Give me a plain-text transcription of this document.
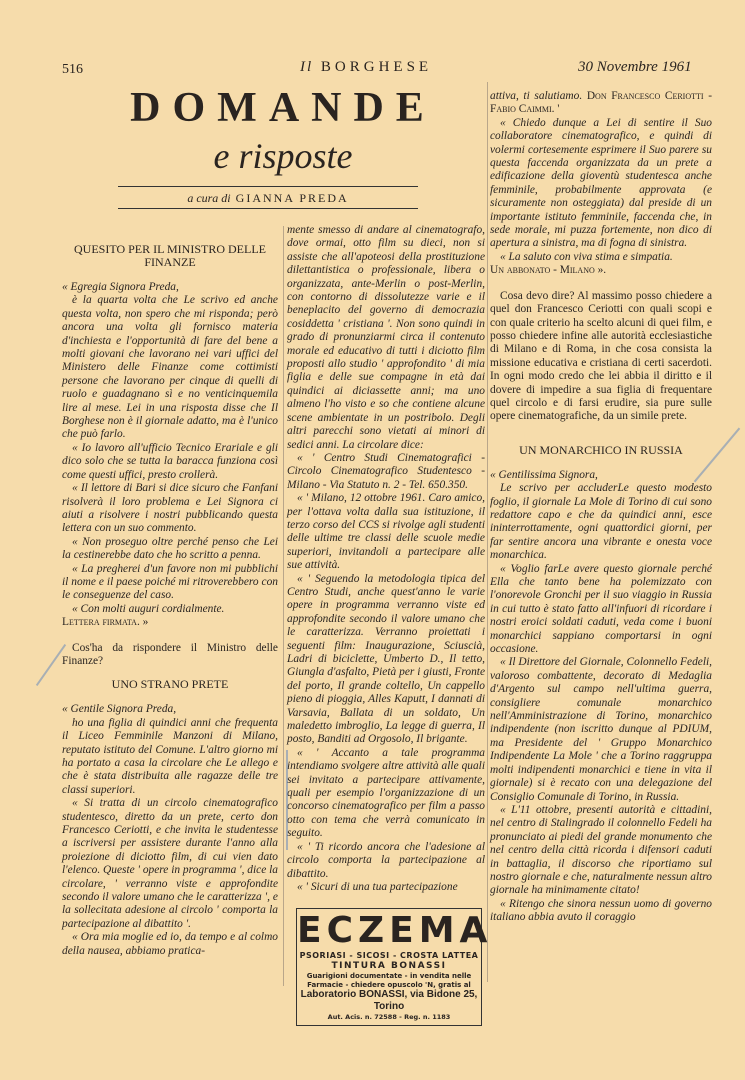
516	Il BORGHESE	30 Novembre 1961
DOMANDE
e risposte
a cura di GIANNA PREDA
QUESITO PER IL MINISTRO DELLE FINANZE

« Egregia Signora Preda,

è la quarta volta che Le scrivo ed anche questa volta, non spero che mi risponda; però ancora una volta gli fornisco materia d'inchiesta e l'opportunità di fare del bene a molti giovani che lavorano nei vari uffici del Ministero delle Finanze come cottimisti persone che lavorano per cinque di quelli di ruolo e guadagnano sì e no venticinquemila lire al mese. Lei in una risposta disse che Il Borghese non è il giornale adatto, ma è l'unico che può farlo.

« Io lavoro all'ufficio Tecnico Erariale e gli dico solo che se tutta la baracca funziona così come questi uffici, presto crollerà.

« Il lettore di Bari si dice sicuro che Fanfani risolverà il loro problema e Lei Signora ci aiuti a risolvere i nostri pubblicando questa lettera con un suo commento.

« Non proseguo oltre perché penso che Lei la cestinerebbe dato che ho scritto a penna.

« La pregherei d'un favore non mi pubblichi il nome e il paese poiché mi ritroverebbero con le conseguenze del caso.

« Con molti auguri cordialmente.

Lettera firmata. »

Cos'ha da rispondere il Ministro delle Finanze?

UNO STRANO PRETE

« Gentile Signora Preda,

ho una figlia di quindici anni che frequenta il Liceo Femminile Manzoni di Milano, reputato istituto del Comune. L'altro giorno mi ha portato a casa la circolare che Le allego e che è stata distribuita alle ragazze delle tre classi superiori.

« Si tratta di un circolo cinematografico studentesco, diretto da un prete, certo don Francesco Ceriotti, e che invita le studentesse a iscriversi per assistere durante l'anno alla proiezione di diciotto film, di cui vien dato l'elenco. Queste ' opere in programma ', dice la circolare, ' verranno viste e approfondite secondo il valore umano che le caratterizza ', e la sollecitata adesione al circolo ' comporta la partecipazione al dibattito '.

« Ora mia moglie ed io, da tempo e al colmo della nausea, abbiamo pratica-

mente smesso di andare al cinematografo, dove ormai, otto film su dieci, non si assiste che all'apoteosi della prostituzione dilettantistica o professionale, libera o organizzata, ante-Merlin o post-Merlin, con contorno di dissolutezze varie e il beneplacito del governo di democrazia cosiddetta ' cristiana '. Non sono quindi in grado di pronunziarmi circa il contenuto morale ed educativo di tutti i diciotto film proposti allo studio ' approfondito ' di mia figlia e delle sue compagne in età dai quindici ai diciassette anni; ma uno almeno l'ho visto e so che contiene alcune scene ambientate in un postribolo. Degli altri parecchi sono vietati ai minori di sedici anni. La circolare dice:

« ' Centro Studi Cinematografici - Circolo Cinematografico Studentesco - Milano - Via Statuto n. 2 - Tel. 650.350.

« ' Milano, 12 ottobre 1961. Caro amico, per l'ottava volta dalla sua istituzione, il terzo corso del CCS si rivolge agli studenti delle ultime tre classi delle scuole medie superiori, invitandoli a partecipare alle sue attività.

« ' Seguendo la metodologia tipica del Centro Studi, anche quest'anno le varie opere in programma verranno viste ed approfondite secondo il valore umano che le caratterizza. Verranno proiettati i seguenti film: Inaugurazione, Sciuscià, Ladri di biciclette, Umberto D., Il tetto, Giungla d'asfalto, Pietà per i giusti, Fronte del porto, Il grande coltello, Un cappello pieno di pioggia, Alles Kaputt, I dannati di Varsavia, Ballata di un soldato, Un maledetto imbroglio, La legge di guerra, Il posto, Banditi ad Orgosolo, Il brigante.

« ' Accanto a tale programma intendiamo svolgere altre attività alle quali sei invitato a partecipare attivamente, quali per esempio l'organizzazione di un concorso cinematografico per film a passo otto con tema che verrà comunicato in seguito.

« ' Ti ricordo ancora che l'adesione al circolo comporta la partecipazione al dibattito.

« ' Sicuri di una tua partecipazione

ECZEMA
PSORIASI - SICOSI - CROSTA LATTEA
TINTURA BONASSI
Guarigioni documentate - in vendita nelle Farmacie - chiedere opuscolo 'N, gratis al
Laboratorio BONASSI, via Bidone 25, Torino
Aut. Acis. n. 72588 - Reg. n. 1183

attiva, ti salutiamo. Don Francesco Ceriotti - Fabio Caimmi. '

« Chiedo dunque a Lei di sentire il Suo collaboratore cinematografico, e quindi di volermi cortesemente esprimere il Suo parere su questa faccenda organizzata da un prete a edificazione della gioventù studentesca anche femminile, probabilmente approvata (e sicuramente non osteggiata) dal preside di un importante istituto femminile, faccenda che, in sede morale, mi puzza fortemente, non dico di apertura a sinistra, ma di fogna di sinistra.

« La saluto con viva stima e simpatia.

Un abbonato - Milano ».

Cosa devo dire? Al massimo posso chiedere a quel don Francesco Ceriotti con quali scopi e con quale criterio ha scelto alcuni di quei film, e posso chiedere infine alle autorità ecclesiastiche di Milano e di Roma, in che cosa consista la missione educativa e cristiana di certi sacerdoti. In ogni modo credo che lei abbia il diritto e il dovere di impedire a sua figlia di frequentare quel circolo e di farsi erudire, sia pure sulle opere cinematografiche, da un simile prete.

UN MONARCHICO IN RUSSIA

« Gentilissima Signora,

Le scrivo per accluderLe questo modesto foglio, il giornale La Mole di Torino di cui sono redattore capo e che da quindici anni, esce ininterrottamente, ogni quattordici giorni, per far sentire ancora una vibrante e onesta voce monarchica.

« Voglio farLe avere questo giornale perché Ella che tanto bene ha polemizzato con l'onorevole Gronchi per il suo viaggio in Russia in cui tutto è stato fatto all'infuori di ricordare i nostri eroici soldati caduti, veda come i buoni monarchici sappiano comportarsi in ogni occasione.

« Il Direttore del Giornale, Colonnello Fedeli, valoroso combattente, decorato di Medaglia d'Argento sul campo nell'ultima guerra, consigliere comunale monarchico nell'Amministrazione di Torino, monarchico indipendente (non iscritto dunque al PDIUM, ma Presidente del ' Gruppo Monarchico Indipendente La Mole ' che a Torino raggruppa molti indipendenti monarchici e tiene in vita il giornale) si è recato con una delegazione del Consiglio Comunale di Torino, in Russia.

« L'11 ottobre, presenti autorità e cittadini, nel centro di Stalingrado il colonnello Fedeli ha pronunciato ai piedi del grande monumento che nel centro della città ricorda i difensori caduti in battaglia, il discorso che riportiamo sul nostro giornale e che, naturalmente nessun altro giornale ha minimamente citato!

« Ritengo che sinora nessun uomo di governo italiano abbia avuto il coraggio
